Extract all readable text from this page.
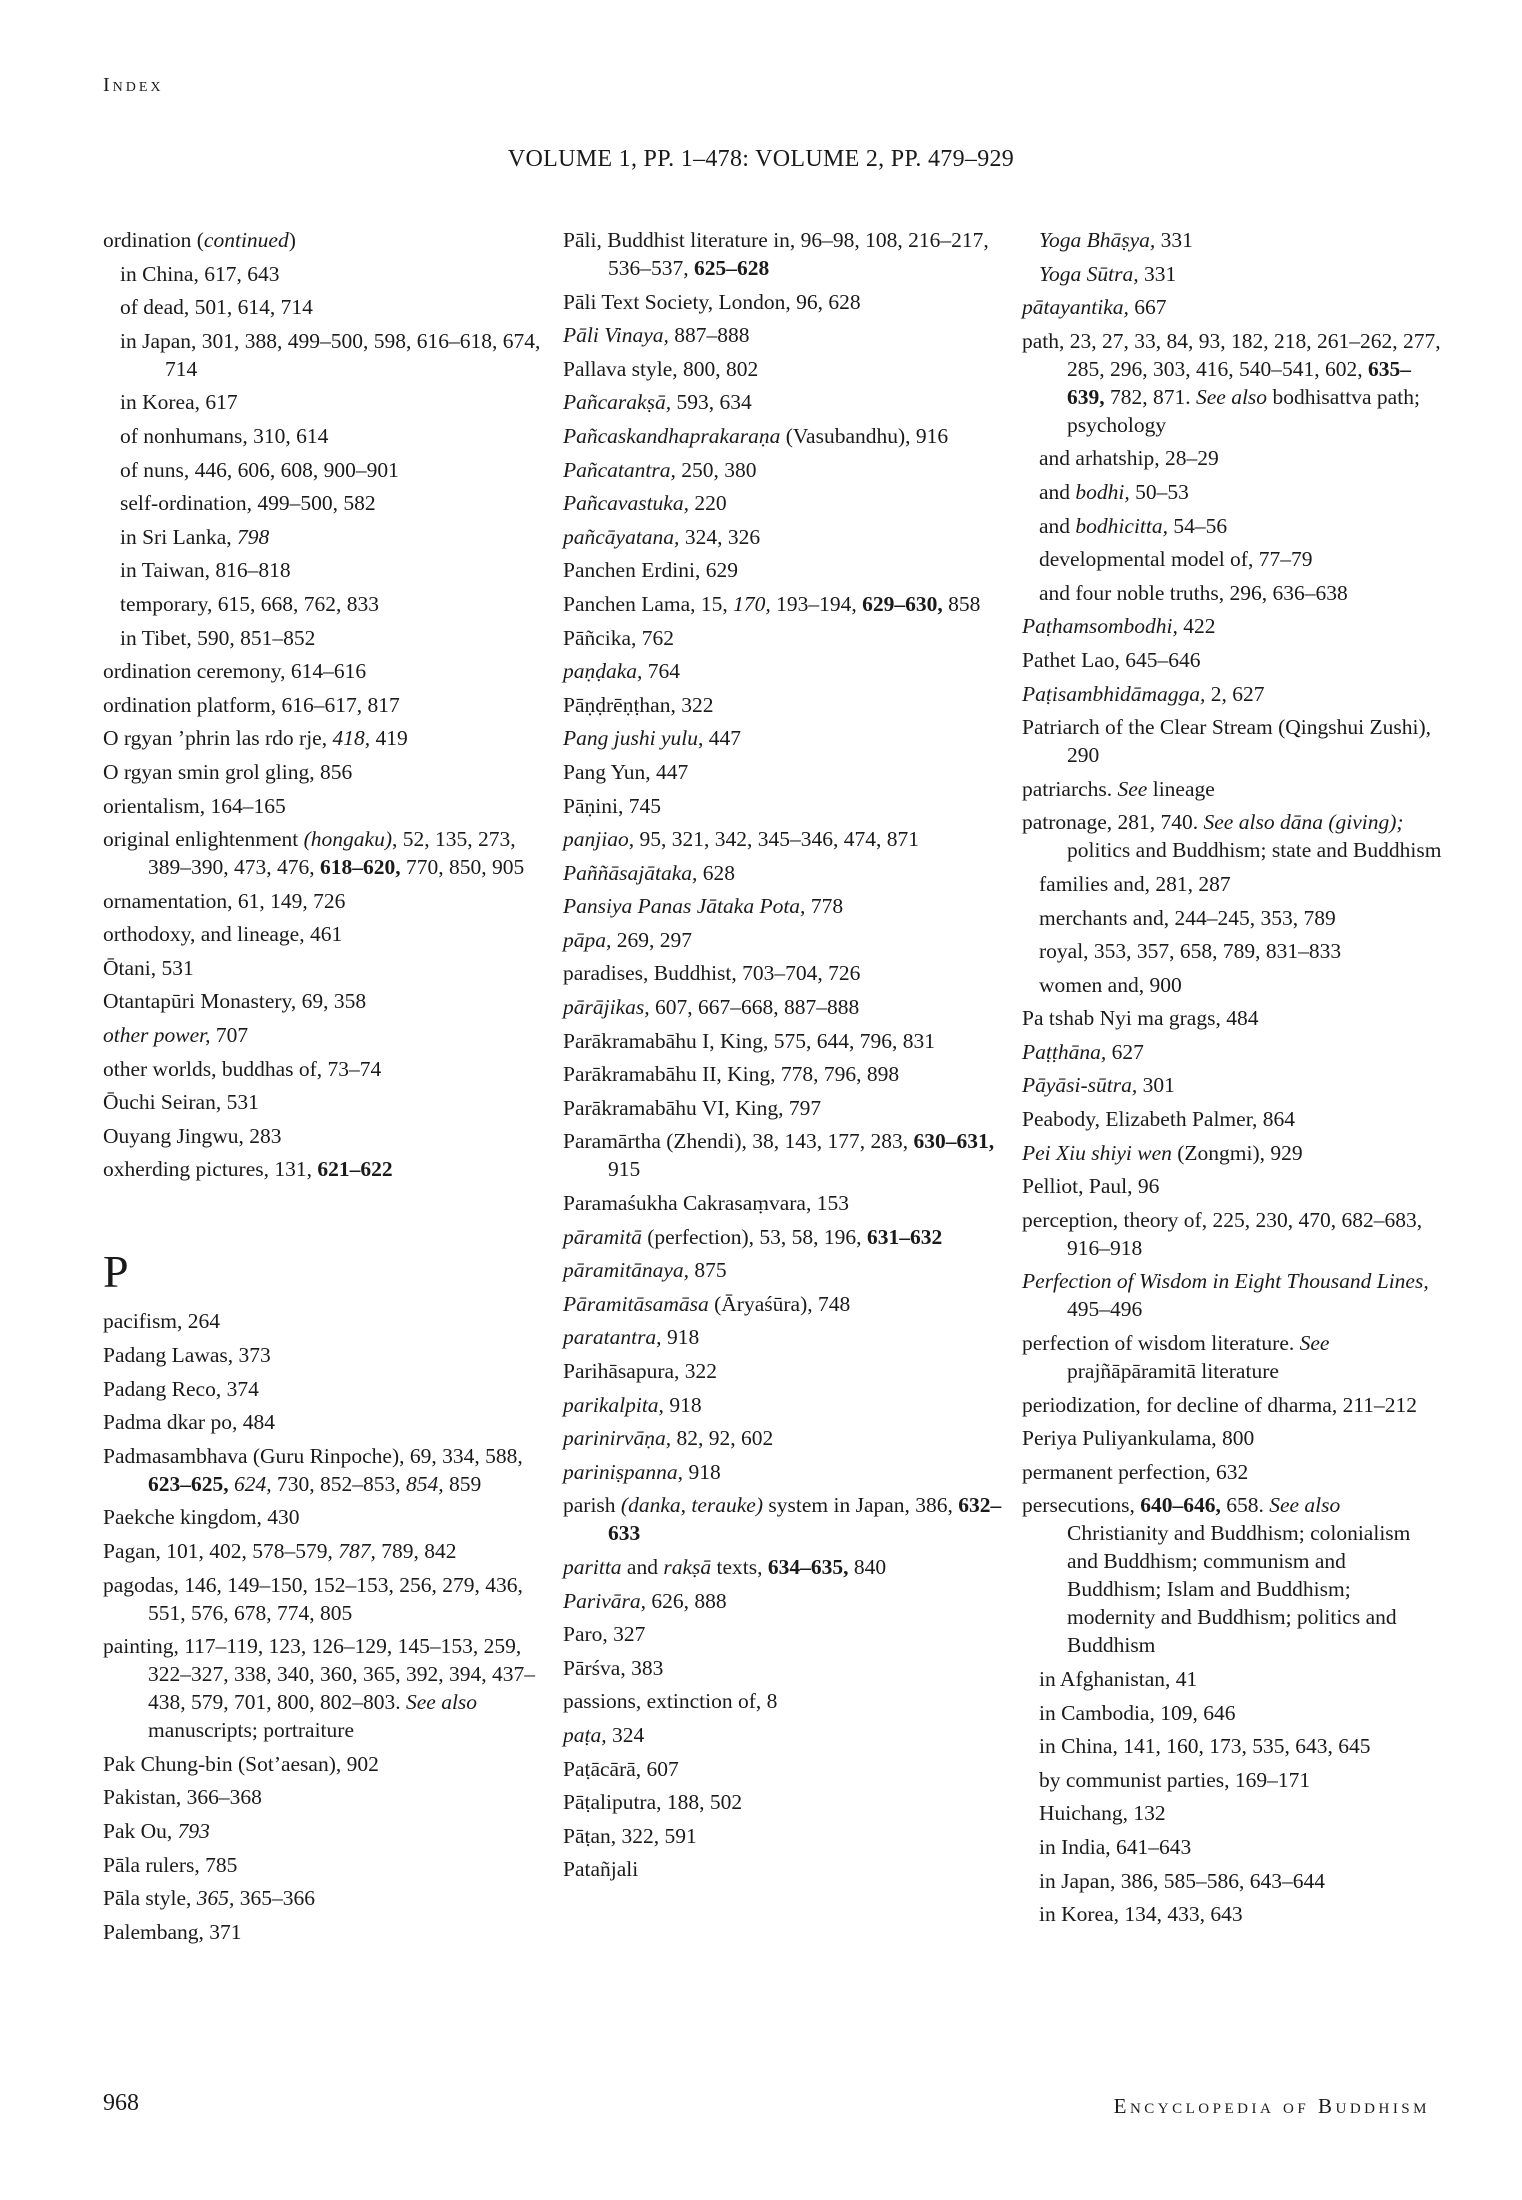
Index
VOLUME 1, PP. 1–478: VOLUME 2, PP. 479–929
ordination (continued)
in China, 617, 643
of dead, 501, 614, 714
in Japan, 301, 388, 499–500, 598, 616–618, 674, 714
in Korea, 617
of nonhumans, 310, 614
of nuns, 446, 606, 608, 900–901
self-ordination, 499–500, 582
in Sri Lanka, 798
in Taiwan, 816–818
temporary, 615, 668, 762, 833
in Tibet, 590, 851–852
ordination ceremony, 614–616
ordination platform, 616–617, 817
O rgyan ’phrin las rdo rje, 418, 419
O rgyan smin grol gling, 856
orientalism, 164–165
original enlightenment (hongaku), 52, 135, 273, 389–390, 473, 476, 618–620, 770, 850, 905
ornamentation, 61, 149, 726
orthodoxy, and lineage, 461
Ōtani, 531
Otantapūri Monastery, 69, 358
other power, 707
other worlds, buddhas of, 73–74
Ōuchi Seiran, 531
Ouyang Jingwu, 283
oxherding pictures, 131, 621–622
P
pacifism, 264
Padang Lawas, 373
Padang Reco, 374
Padma dkar po, 484
Padmasambhava (Guru Rinpoche), 69, 334, 588, 623–625, 624, 730, 852–853, 854, 859
Paekche kingdom, 430
Pagan, 101, 402, 578–579, 787, 789, 842
pagodas, 146, 149–150, 152–153, 256, 279, 436, 551, 576, 678, 774, 805
painting, 117–119, 123, 126–129, 145–153, 259, 322–327, 338, 340, 360, 365, 392, 394, 437–438, 579, 701, 800, 802–803. See also manuscripts; portraiture
Pak Chung-bin (Sot’aesan), 902
Pakistan, 366–368
Pak Ou, 793
Pāla rulers, 785
Pāla style, 365, 365–366
Palembang, 371
Pāli, Buddhist literature in, 96–98, 108, 216–217, 536–537, 625–628
Pāli Text Society, London, 96, 628
Pāli Vinaya, 887–888
Pallava style, 800, 802
Pañcarakṣā, 593, 634
Pañcaskandhaprakaraṇa (Vasubandhu), 916
Pañcatantra, 250, 380
Pañcavastuka, 220
pañcāyatana, 324, 326
Panchen Erdini, 629
Panchen Lama, 15, 170, 193–194, 629–630, 858
Pāñcika, 762
paṇḍaka, 764
Pāṇḍrēṇṭhan, 322
Pang jushi yulu, 447
Pang Yun, 447
Pāṇini, 745
panjiao, 95, 321, 342, 345–346, 474, 871
Paññāsajātaka, 628
Pansiya Panas Jātaka Pota, 778
pāpa, 269, 297
paradises, Buddhist, 703–704, 726
pārājikas, 607, 667–668, 887–888
Parākramabāhu I, King, 575, 644, 796, 831
Parākramabāhu II, King, 778, 796, 898
Parākramabāhu VI, King, 797
Paramārtha (Zhendi), 38, 143, 177, 283, 630–631, 915
Paramaśukha Cakrasaṃvara, 153
pāramitā (perfection), 53, 58, 196, 631–632
pāramitānaya, 875
Pāramitāsamāsa (Āryaśūra), 748
paratantra, 918
Parihāsapura, 322
parikalpita, 918
parinirvāṇa, 82, 92, 602
pariniṣpanna, 918
parish (danka, terauke) system in Japan, 386, 632–633
paritta and rakṣā texts, 634–635, 840
Parivāra, 626, 888
Paro, 327
Pārśva, 383
passions, extinction of, 8
paṭa, 324
Paṭācārā, 607
Pāṭaliputra, 188, 502
Pāṭan, 322, 591
Patañjali
Yoga Bhāṣya, 331
Yoga Sūtra, 331
pātayantika, 667
path, 23, 27, 33, 84, 93, 182, 218, 261–262, 277, 285, 296, 303, 416, 540–541, 602, 635–639, 782, 871. See also bodhisattva path; psychology
and arhatship, 28–29
and bodhi, 50–53
and bodhicitta, 54–56
developmental model of, 77–79
and four noble truths, 296, 636–638
Paṭhamsombodhi, 422
Pathet Lao, 645–646
Paṭisambhidāmagga, 2, 627
Patriarch of the Clear Stream (Qingshui Zushi), 290
patriarchs. See lineage
patronage, 281, 740. See also dāna (giving); politics and Buddhism; state and Buddhism
families and, 281, 287
merchants and, 244–245, 353, 789
royal, 353, 357, 658, 789, 831–833
women and, 900
Pa tshab Nyi ma grags, 484
Paṭṭhāna, 627
Pāyāsi-sūtra, 301
Peabody, Elizabeth Palmer, 864
Pei Xiu shiyi wen (Zongmi), 929
Pelliot, Paul, 96
perception, theory of, 225, 230, 470, 682–683, 916–918
Perfection of Wisdom in Eight Thousand Lines, 495–496
perfection of wisdom literature. See prajñāpāramitā literature
periodization, for decline of dharma, 211–212
Periya Puliyankulama, 800
permanent perfection, 632
persecutions, 640–646, 658. See also Christianity and Buddhism; colonialism and Buddhism; communism and Buddhism; Islam and Buddhism; modernity and Buddhism; politics and Buddhism
in Afghanistan, 41
in Cambodia, 109, 646
in China, 141, 160, 173, 535, 643, 645
by communist parties, 169–171
Huichang, 132
in India, 641–643
in Japan, 386, 585–586, 643–644
in Korea, 134, 433, 643
968	Encyclopedia of Buddhism
